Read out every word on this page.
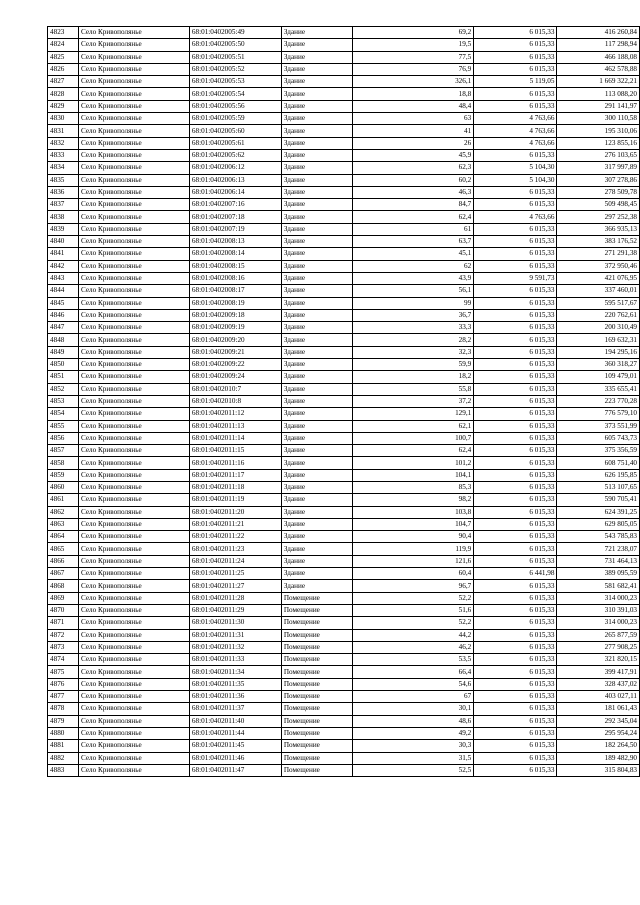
4823	Село Кривополянье	68:01:0402005:49	Здание	69,2	6 015,33	416 260,84
4824	Село Кривополянье	68:01:0402005:50	Здание	19,5	6 015,33	117 298,94
4825	Село Кривополянье	68:01:0402005:51	Здание	77,5	6 015,33	466 188,08
4826	Село Кривополянье	68:01:0402005:52	Здание	76,9	6 015,33	462 578,88
4827	Село Кривополянье	68:01:0402005:53	Здание	326,1	5 119,05	1 669 322,21
4828	Село Кривополянье	68:01:0402005:54	Здание	18,8	6 015,33	113 088,20
4829	Село Кривополянье	68:01:0402005:56	Здание	48,4	6 015,33	291 141,97
4830	Село Кривополянье	68:01:0402005:59	Здание	63	4 763,66	300 110,58
4831	Село Кривополянье	68:01:0402005:60	Здание	41	4 763,66	195 310,06
4832	Село Кривополянье	68:01:0402005:61	Здание	26	4 763,66	123 855,16
4833	Село Кривополянье	68:01:0402005:62	Здание	45,9	6 015,33	276 103,65
4834	Село Кривополянье	68:01:0402006:12	Здание	62,3	5 104,30	317 997,89
4835	Село Кривополянье	68:01:0402006:13	Здание	60,2	5 104,30	307 278,86
4836	Село Кривополянье	68:01:0402006:14	Здание	46,3	6 015,33	278 509,78
4837	Село Кривополянье	68:01:0402007:16	Здание	84,7	6 015,33	509 498,45
4838	Село Кривополянье	68:01:0402007:18	Здание	62,4	4 763,66	297 252,38
4839	Село Кривополянье	68:01:0402007:19	Здание	61	6 015,33	366 935,13
4840	Село Кривополянье	68:01:0402008:13	Здание	63,7	6 015,33	383 176,52
4841	Село Кривополянье	68:01:0402008:14	Здание	45,1	6 015,33	271 291,38
4842	Село Кривополянье	68:01:0402008:15	Здание	62	6 015,33	372 950,46
4843	Село Кривополянье	68:01:0402008:16	Здание	43,9	9 591,73	421 076,95
4844	Село Кривополянье	68:01:0402008:17	Здание	56,1	6 015,33	337 460,01
4845	Село Кривополянье	68:01:0402008:19	Здание	99	6 015,33	595 517,67
4846	Село Кривополянье	68:01:0402009:18	Здание	36,7	6 015,33	220 762,61
4847	Село Кривополянье	68:01:0402009:19	Здание	33,3	6 015,33	200 310,49
4848	Село Кривополянье	68:01:0402009:20	Здание	28,2	6 015,33	169 632,31
4849	Село Кривополянье	68:01:0402009:21	Здание	32,3	6 015,33	194 295,16
4850	Село Кривополянье	68:01:0402009:22	Здание	59,9	6 015,33	360 318,27
4851	Село Кривополянье	68:01:0402009:24	Здание	18,2	6 015,33	109 479,01
4852	Село Кривополянье	68:01:0402010:7	Здание	55,8	6 015,33	335 655,41
4853	Село Кривополянье	68:01:0402010:8	Здание	37,2	6 015,33	223 770,28
4854	Село Кривополянье	68:01:0402011:12	Здание	129,1	6 015,33	776 579,10
4855	Село Кривополянье	68:01:0402011:13	Здание	62,1	6 015,33	373 551,99
4856	Село Кривополянье	68:01:0402011:14	Здание	100,7	6 015,33	605 743,73
4857	Село Кривополянье	68:01:0402011:15	Здание	62,4	6 015,33	375 356,59
4858	Село Кривополянье	68:01:0402011:16	Здание	101,2	6 015,33	608 751,40
4859	Село Кривополянье	68:01:0402011:17	Здание	104,1	6 015,33	626 195,85
4860	Село Кривополянье	68:01:0402011:18	Здание	85,3	6 015,33	513 107,65
4861	Село Кривополянье	68:01:0402011:19	Здание	98,2	6 015,33	590 705,41
4862	Село Кривополянье	68:01:0402011:20	Здание	103,8	6 015,33	624 391,25
4863	Село Кривополянье	68:01:0402011:21	Здание	104,7	6 015,33	629 805,05
4864	Село Кривополянье	68:01:0402011:22	Здание	90,4	6 015,33	543 785,83
4865	Село Кривополянье	68:01:0402011:23	Здание	119,9	6 015,33	721 238,07
4866	Село Кривополянье	68:01:0402011:24	Здание	121,6	6 015,33	731 464,13
4867	Село Кривополянье	68:01:0402011:25	Здание	60,4	6 441,98	389 095,59
4868	Село Кривополянье	68:01:0402011:27	Здание	96,7	6 015,33	581 682,41
4869	Село Кривополянье	68:01:0402011:28	Помещение	52,2	6 015,33	314 000,23
4870	Село Кривополянье	68:01:0402011:29	Помещение	51,6	6 015,33	310 391,03
4871	Село Кривополянье	68:01:0402011:30	Помещение	52,2	6 015,33	314 000,23
4872	Село Кривополянье	68:01:0402011:31	Помещение	44,2	6 015,33	265 877,59
4873	Село Кривополянье	68:01:0402011:32	Помещение	46,2	6 015,33	277 908,25
4874	Село Кривополянье	68:01:0402011:33	Помещение	53,5	6 015,33	321 820,15
4875	Село Кривополянье	68:01:0402011:34	Помещение	66,4	6 015,33	399 417,91
4876	Село Кривополянье	68:01:0402011:35	Помещение	54,6	6 015,33	328 437,02
4877	Село Кривополянье	68:01:0402011:36	Помещение	67	6 015,33	403 027,11
4878	Село Кривополянье	68:01:0402011:37	Помещение	30,1	6 015,33	181 061,43
4879	Село Кривополянье	68:01:0402011:40	Помещение	48,6	6 015,33	292 345,04
4880	Село Кривополянье	68:01:0402011:44	Помещение	49,2	6 015,33	295 954,24
4881	Село Кривополянье	68:01:0402011:45	Помещение	30,3	6 015,33	182 264,50
4882	Село Кривополянье	68:01:0402011:46	Помещение	31,5	6 015,33	189 482,90
4883	Село Кривополянье	68:01:0402011:47	Помещение	52,5	6 015,33	315 804,83
